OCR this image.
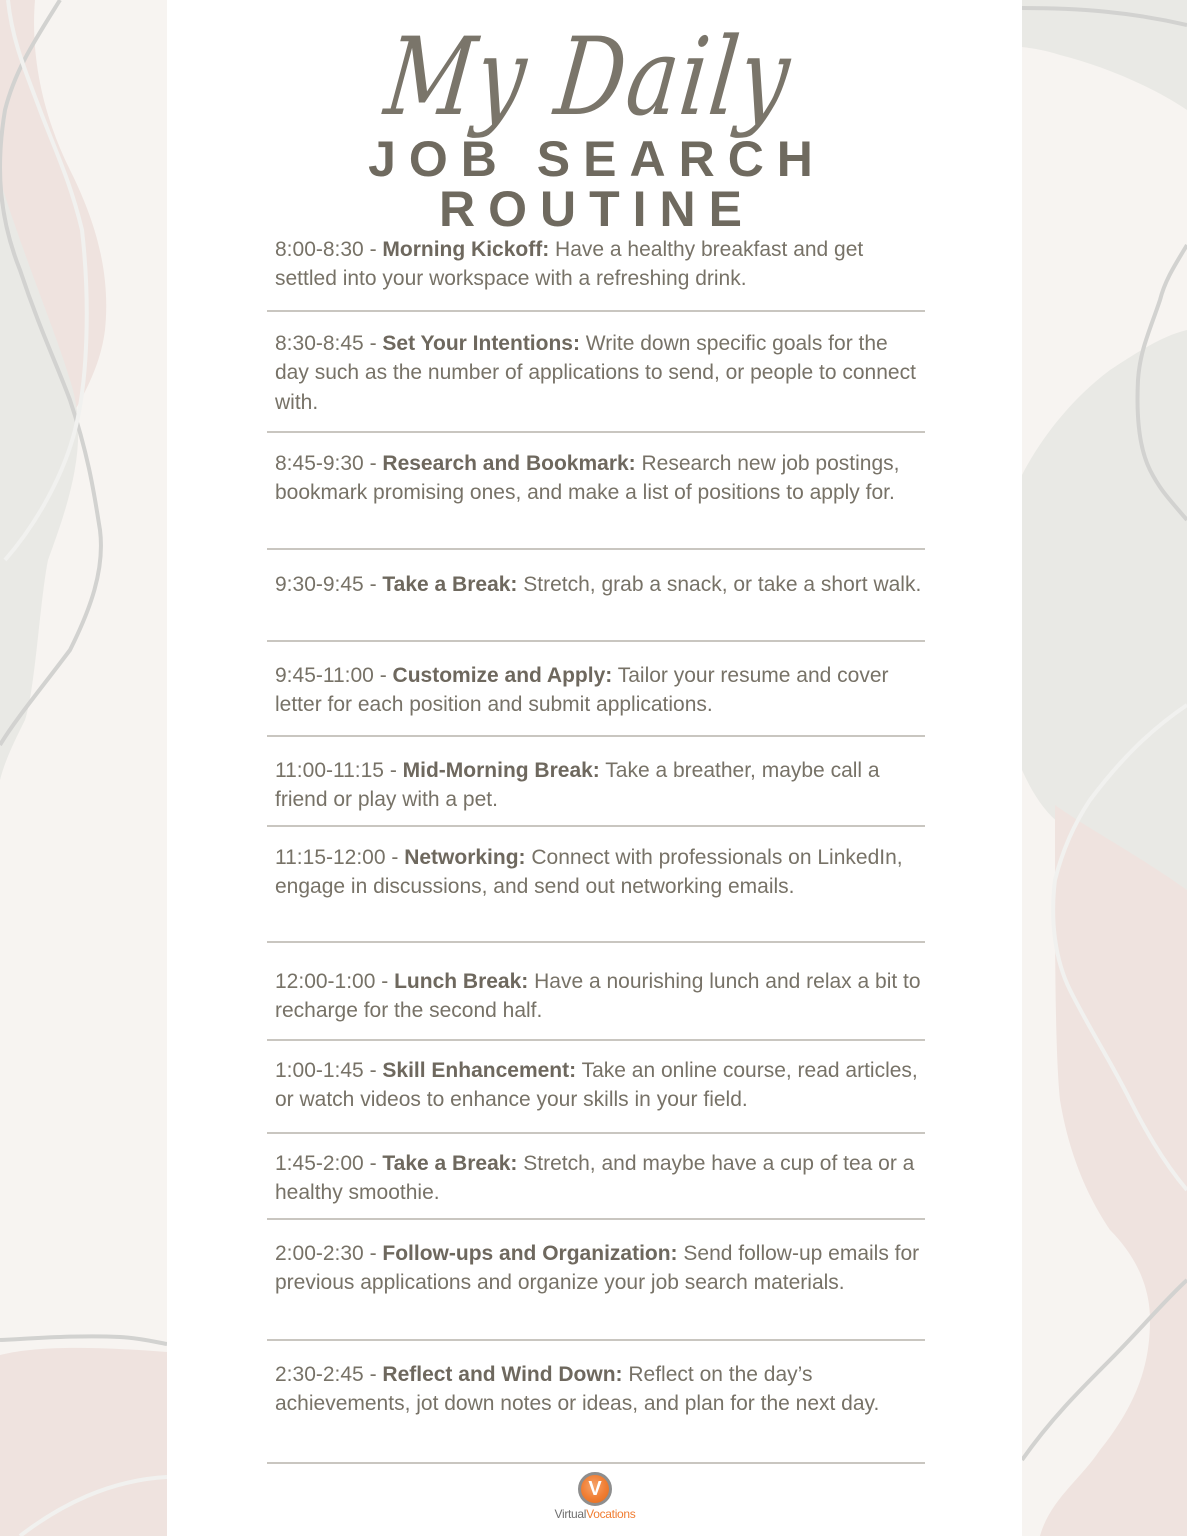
My Daily
JOB SEARCH ROUTINE

8:00-8:30 - Morning Kickoff: Have a healthy breakfast and get settled into your workspace with a refreshing drink.

8:30-8:45 - Set Your Intentions: Write down specific goals for the day such as the number of applications to send, or people to connect with.

8:45-9:30 - Research and Bookmark: Research new job postings, bookmark promising ones, and make a list of positions to apply for.

9:30-9:45 - Take a Break: Stretch, grab a snack, or take a short walk.

9:45-11:00 - Customize and Apply: Tailor your resume and cover letter for each position and submit applications.

11:00-11:15 - Mid-Morning Break: Take a breather, maybe call a friend or play with a pet.

11:15-12:00 - Networking: Connect with professionals on LinkedIn, engage in discussions, and send out networking emails.

12:00-1:00 - Lunch Break: Have a nourishing lunch and relax a bit to recharge for the second half.

1:00-1:45 - Skill Enhancement: Take an online course, read articles, or watch videos to enhance your skills in your field.

1:45-2:00 - Take a Break: Stretch, and maybe have a cup of tea or a healthy smoothie.

2:00-2:30 - Follow-ups and Organization: Send follow-up emails for previous applications and organize your job search materials.

2:30-2:45 - Reflect and Wind Down: Reflect on the day’s achievements, jot down notes or ideas, and plan for the next day.

V
VirtualVocations
